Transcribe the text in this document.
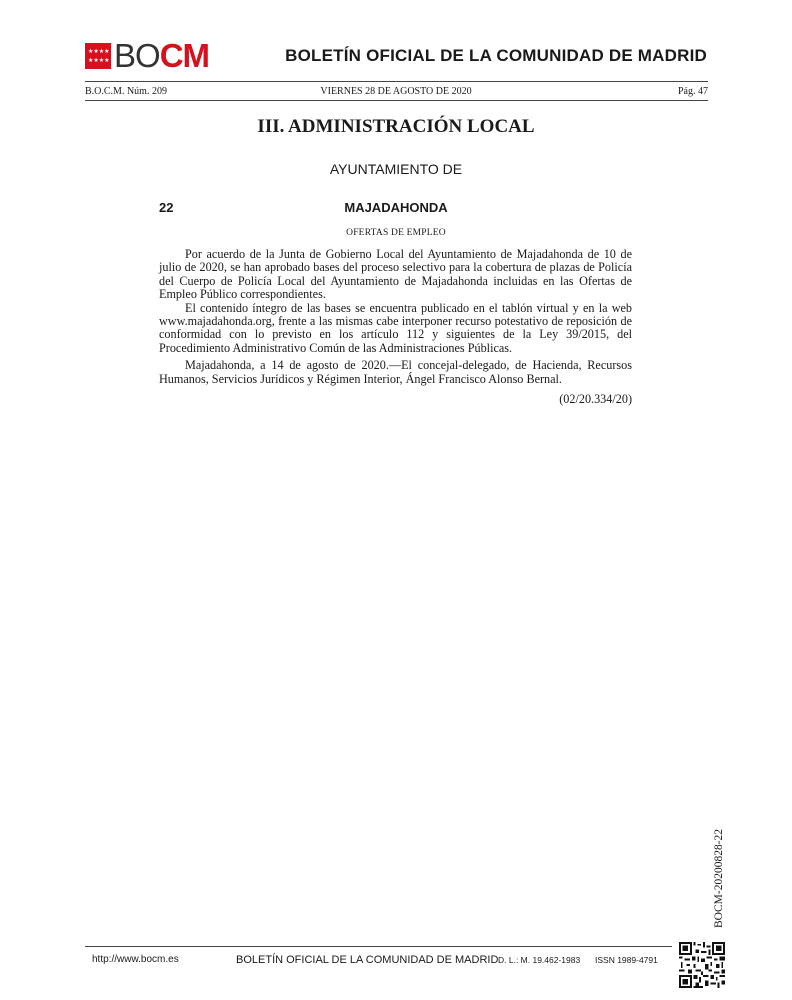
★ ★ ★ ★
★ ★ ★ ★ BOCM	BOLETÍN OFICIAL DE LA COMUNIDAD DE MADRID
B.O.C.M. Núm. 209	VIERNES 28 DE AGOSTO DE 2020	Pág. 47
III. ADMINISTRACIÓN LOCAL
AYUNTAMIENTO DE
22	MAJADAHONDA
OFERTAS DE EMPLEO

Por acuerdo de la Junta de Gobierno Local del Ayuntamiento de Majadahonda de 10 de julio de 2020, se han aprobado bases del proceso selectivo para la cobertura de plazas de Policía del Cuerpo de Policía Local del Ayuntamiento de Majadahonda incluidas en las Ofertas de Empleo Público correspondientes.

El contenido íntegro de las bases se encuentra publicado en el tablón virtual y en la web www.majadahonda.org, frente a las mismas cabe interponer recurso potestativo de reposición de conformidad con lo previsto en los artículo 112 y siguientes de la Ley 39/2015, del Procedimiento Administrativo Común de las Administraciones Públicas.

Majadahonda, a 14 de agosto de 2020.—El concejal-delegado, de Hacienda, Recursos Humanos, Servicios Jurídicos y Régimen Interior, Ángel Francisco Alonso Bernal.

(02/20.334/20)
BOCM-20200828-22
http://www.bocm.es	BOLETÍN OFICIAL DE LA COMUNIDAD DE MADRID D. L.: M. 19.462-1983 ISSN 1989-4791
